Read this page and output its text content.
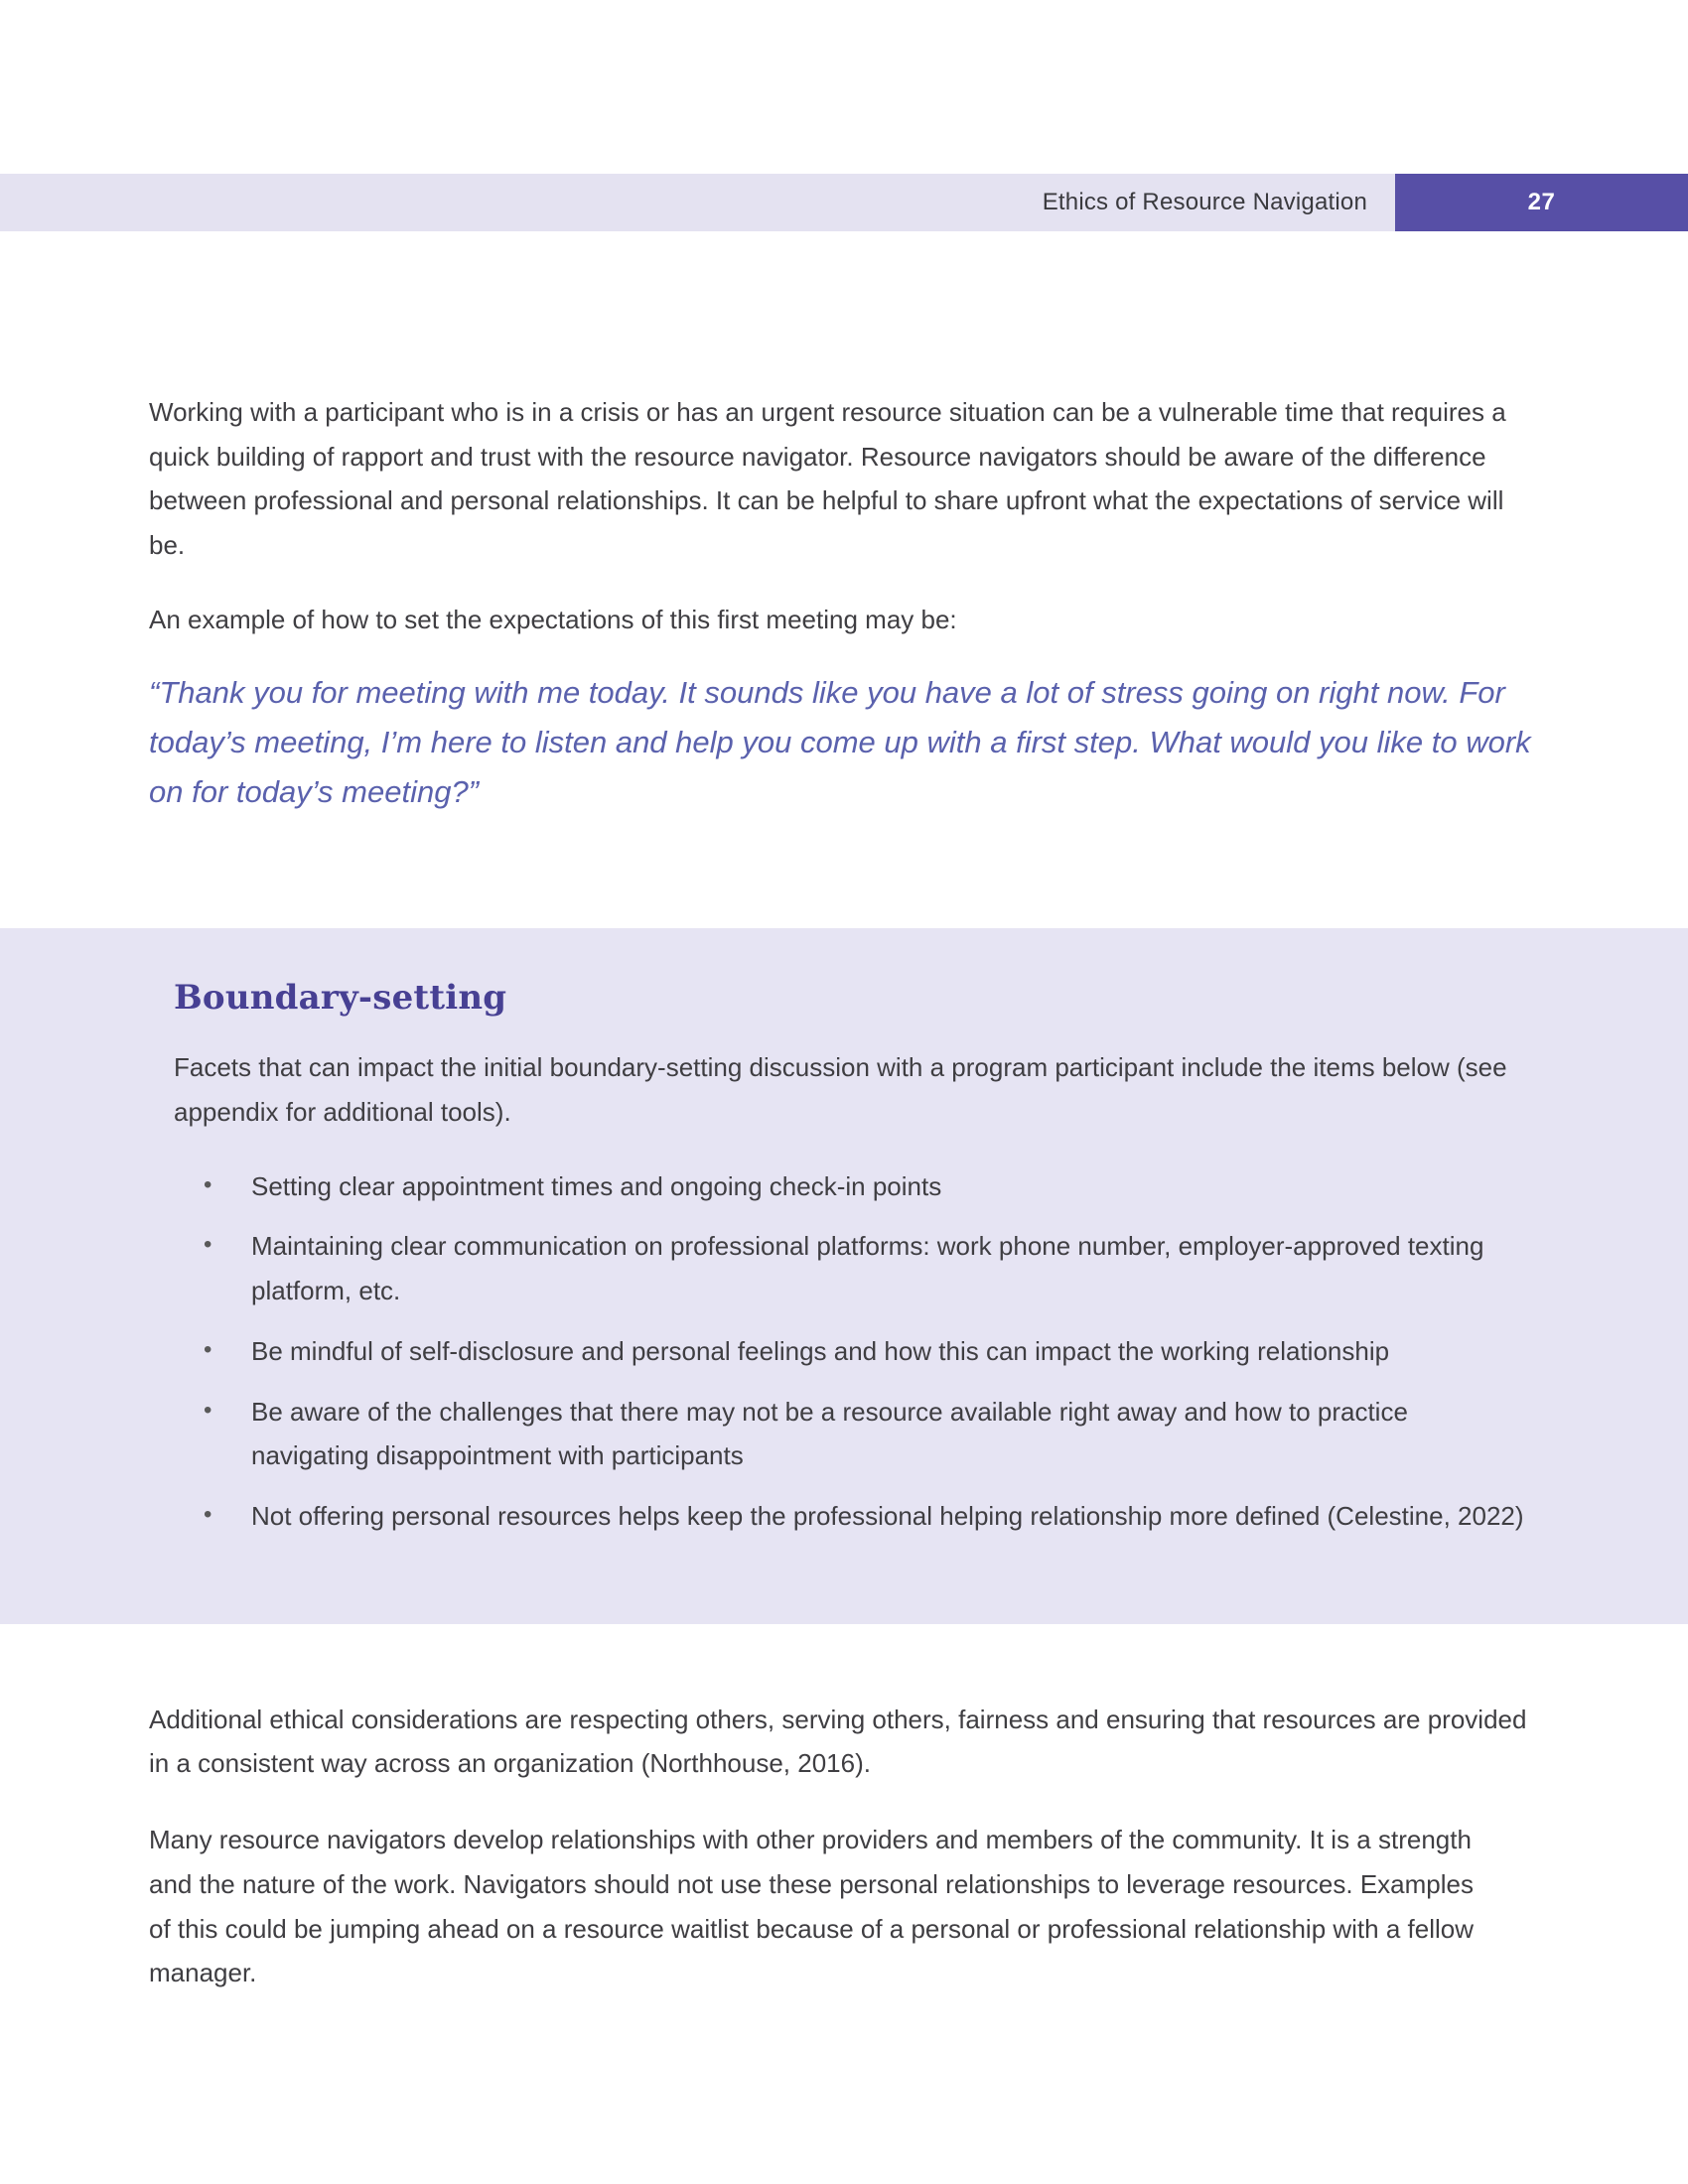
Ethics of Resource Navigation	27

Working with a participant who is in a crisis or has an urgent resource situation can be a vulnerable time that requires a quick building of rapport and trust with the resource navigator. Resource navigators should be aware of the difference between professional and personal relationships. It can be helpful to share upfront what the expectations of service will be.

An example of how to set the expectations of this first meeting may be:

“Thank you for meeting with me today. It sounds like you have a lot of stress going on right now. For today’s meeting, I’m here to listen and help you come up with a first step. What would you like to work on for today’s meeting?”

Boundary-setting

Facets that can impact the initial boundary-setting discussion with a program participant include the items below (see appendix for additional tools).

• Setting clear appointment times and ongoing check-in points
• Maintaining clear communication on professional platforms: work phone number, employer-approved texting platform, etc.
• Be mindful of self-disclosure and personal feelings and how this can impact the working relationship
• Be aware of the challenges that there may not be a resource available right away and how to practice navigating disappointment with participants
• Not offering personal resources helps keep the professional helping relationship more defined (Celestine, 2022)

Additional ethical considerations are respecting others, serving others, fairness and ensuring that resources are provided in a consistent way across an organization (Northhouse, 2016).

Many resource navigators develop relationships with other providers and members of the community. It is a strength and the nature of the work. Navigators should not use these personal relationships to leverage resources. Examples of this could be jumping ahead on a resource waitlist because of a personal or professional relationship with a fellow manager.
